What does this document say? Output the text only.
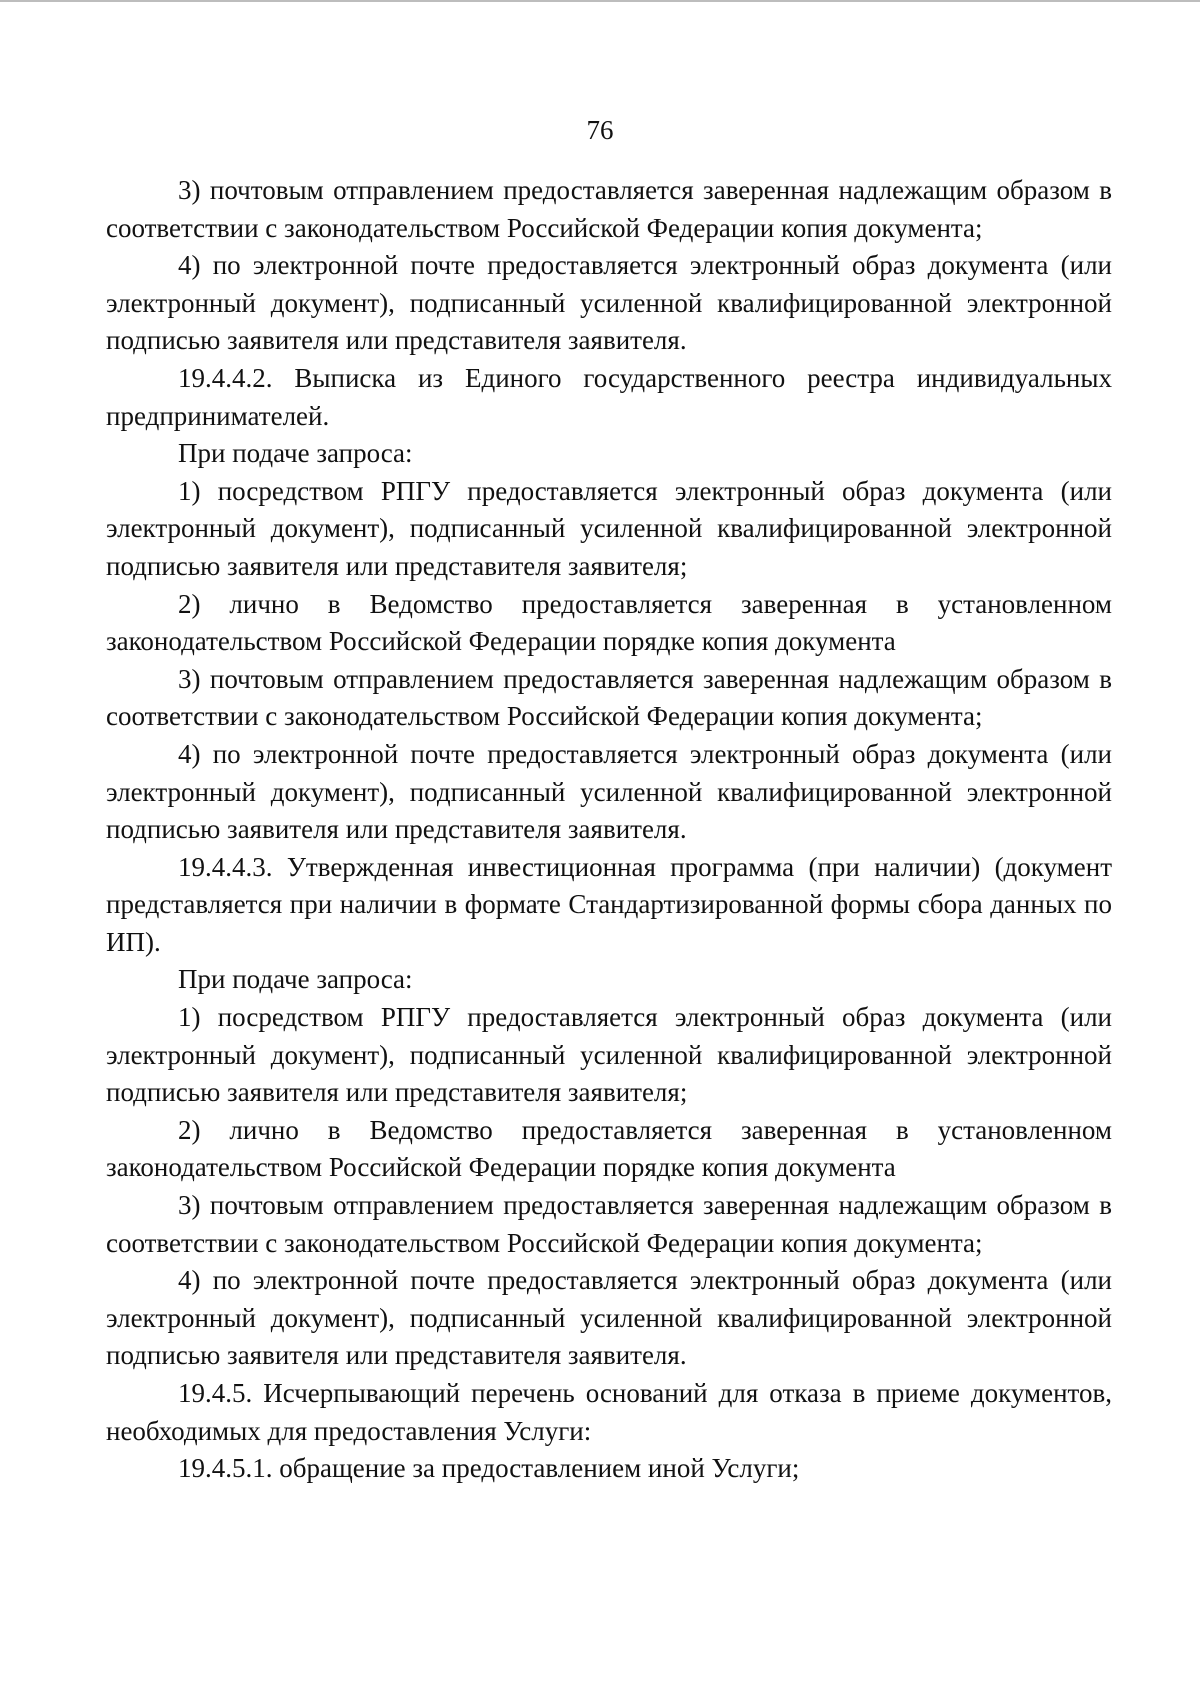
76

3) почтовым отправлением предоставляется заверенная надлежащим образом в соответствии с законодательством Российской Федерации копия документа;

4) по электронной почте предоставляется электронный образ документа (или электронный документ), подписанный усиленной квалифицированной электронной подписью заявителя или представителя заявителя.

19.4.4.2. Выписка из Единого государственного реестра индивидуальных предпринимателей.

При подаче запроса:

1) посредством РПГУ предоставляется электронный образ документа (или электронный документ), подписанный усиленной квалифицированной электронной подписью заявителя или представителя заявителя;

2) лично в Ведомство предоставляется заверенная в установленном законодательством Российской Федерации порядке копия документа

3) почтовым отправлением предоставляется заверенная надлежащим образом в соответствии с законодательством Российской Федерации копия документа;

4) по электронной почте предоставляется электронный образ документа (или электронный документ), подписанный усиленной квалифицированной электронной подписью заявителя или представителя заявителя.

19.4.4.3. Утвержденная инвестиционная программа (при наличии) (документ представляется при наличии в формате Стандартизированной формы сбора данных по ИП).

При подаче запроса:

1) посредством РПГУ предоставляется электронный образ документа (или электронный документ), подписанный усиленной квалифицированной электронной подписью заявителя или представителя заявителя;

2) лично в Ведомство предоставляется заверенная в установленном законодательством Российской Федерации порядке копия документа

3) почтовым отправлением предоставляется заверенная надлежащим образом в соответствии с законодательством Российской Федерации копия документа;

4) по электронной почте предоставляется электронный образ документа (или электронный документ), подписанный усиленной квалифицированной электронной подписью заявителя или представителя заявителя.

19.4.5. Исчерпывающий перечень оснований для отказа в приеме документов, необходимых для предоставления Услуги:

19.4.5.1. обращение за предоставлением иной Услуги;
